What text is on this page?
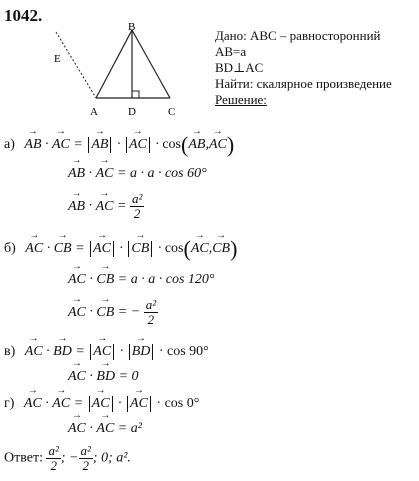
1042.
B
E
A	D	C
Дано: ABC – равносторонний
AB=a
BD⊥AC
Найти: скалярное произведение
Решение:
а) → AB · → AC = → AB · → AC · cos(→ AB,→ AC)
→ AB · → AC = a · a · cos 60°
→ AB · → AC = $\frac{\text{a²}}{2}$
б) → AC · → CB = → AC · → CB · cos(→ AC,→ CB)
→ AC · → CB = a · a · cos 120°
→ AC · → CB = − $\frac{\text{a²}}{2}$
в) → AC · → BD = → AC · → BD · cos 90°
→ AC · → BD = 0
г) → AC · → AC = → AC · → AC · cos 0°
→ AC · → AC = a²
Ответ: $\frac{\text{a²}}{2}$ ; − $\frac{\text{a²}}{2}$ ; 0; a².
